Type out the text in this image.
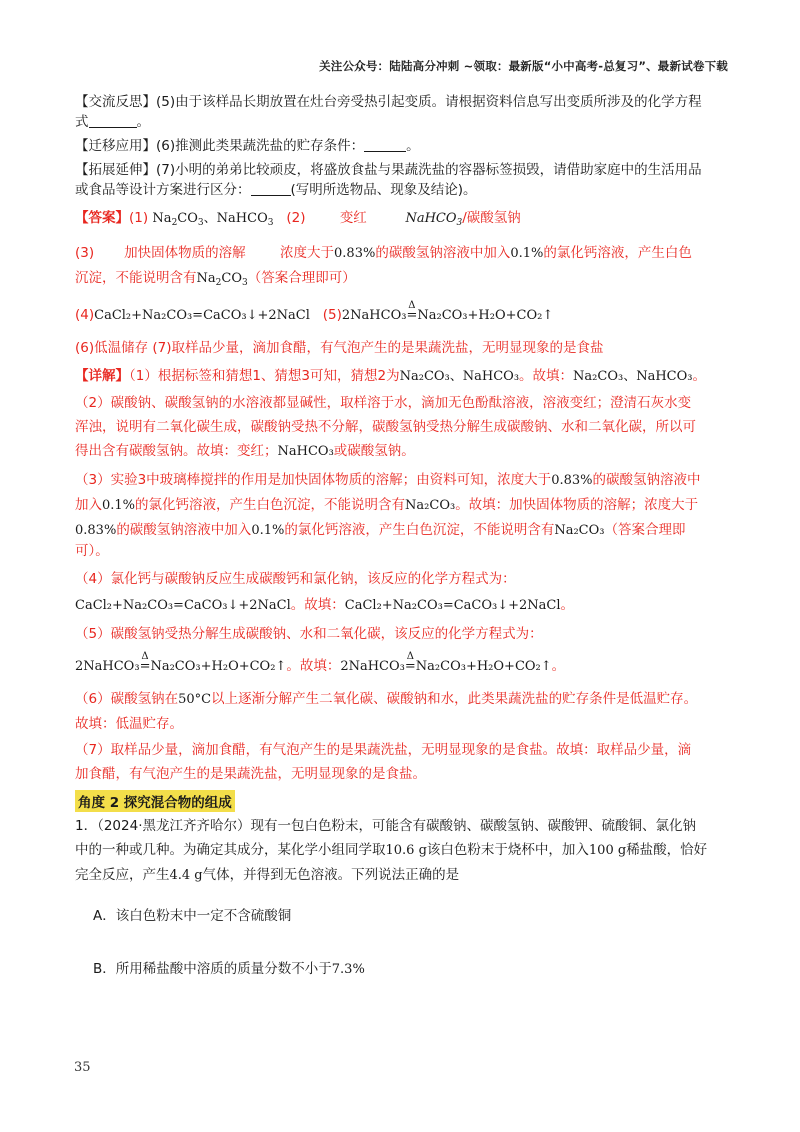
关注公众号：陆陆高分冲刺 ~领取：最新版“小中高考-总复习”、最新试卷下载

【交流反思】(5)由于该样品长期放置在灶台旁受热引起变质。请根据资料信息写出变质所涉及的化学方程

式	。

【迁移应用】(6)推测此类果蔬洗盐的贮存条件：	。

【拓展延伸】(7)小明的弟弟比较顽皮，将盛放食盐与果蔬洗盐的容器标签损毁，请借助家庭中的生活用品

或食品等设计方案进行区分：	(写明所选物品、现象及结论)。

【答案】(1) $Na_2CO_3$、NaHCO$_3$ (2)	变红	NaHCO$_3$/碳酸氢钠

(3) 加快固体物质的溶解	浓度大于0.83%的碳酸氢钠溶液中加入0.1%的氯化钙溶液，产生白色

沉淀，不能说明含有$Na_2CO_3$（答案合理即可）

(4)CaCl₂+Na₂CO₃=CaCO₃↓+2NaCl (5)2NaHCO₃=
Δ
Na₂CO₃+H₂O+CO₂↑

(6)低温储存 (7)取样品少量，滴加食醋，有气泡产生的是果蔬洗盐，无明显现象的是食盐

【详解】（1）根据标签和猜想1、猜想3可知，猜想2为Na₂CO₃、NaHCO₃。故填：Na₂CO₃、NaHCO₃。

（2）碳酸钠、碳酸氢钠的水溶液都显碱性，取样溶于水，滴加无色酚酞溶液，溶液变红；澄清石灰水变

浑浊，说明有二氧化碳生成，碳酸钠受热不分解，碳酸氢钠受热分解生成碳酸钠、水和二氧化碳，所以可

得出含有碳酸氢钠。故填：变红；NaHCO₃或碳酸氢钠。

（3）实验3中玻璃棒搅拌的作用是加快固体物质的溶解；由资料可知，浓度大于0.83%的碳酸氢钠溶液中

加入0.1%的氯化钙溶液，产生白色沉淀，不能说明含有Na₂CO₃。故填：加快固体物质的溶解；浓度大于

0.83%的碳酸氢钠溶液中加入0.1%的氯化钙溶液，产生白色沉淀，不能说明含有Na₂CO₃（答案合理即

可）。

（4）氯化钙与碳酸钠反应生成碳酸钙和氯化钠，该反应的化学方程式为：

CaCl₂+Na₂CO₃=CaCO₃↓+2NaCl。故填：CaCl₂+Na₂CO₃=CaCO₃↓+2NaCl。

（5）碳酸氢钠受热分解生成碳酸钠、水和二氧化碳，该反应的化学方程式为：

2NaHCO₃=
Δ
Na₂CO₃+H₂O+CO₂↑。故填：2NaHCO₃=
Δ
Na₂CO₃+H₂O+CO₂↑。

（6）碳酸氢钠在50°C以上逐渐分解产生二氧化碳、碳酸钠和水，此类果蔬洗盐的贮存条件是低温贮存。

故填：低温贮存。

（7）取样品少量，滴加食醋，有气泡产生的是果蔬洗盐，无明显现象的是食盐。故填：取样品少量，滴

加食醋，有气泡产生的是果蔬洗盐，无明显现象的是食盐。

角度 2 探究混合物的组成

1．（2024·黑龙江齐齐哈尔）现有一包白色粉末，可能含有碳酸钠、碳酸氢钠、碳酸钾、硫酸铜、氯化钠

中的一种或几种。为确定其成分，某化学小组同学取10.6 g该白色粉末于烧杯中，加入100 g稀盐酸，恰好

完全反应，产生4.4 g气体，并得到无色溶液。下列说法正确的是

A．该白色粉末中一定不含硫酸铜

B．所用稀盐酸中溶质的质量分数不小于7.3%

35
